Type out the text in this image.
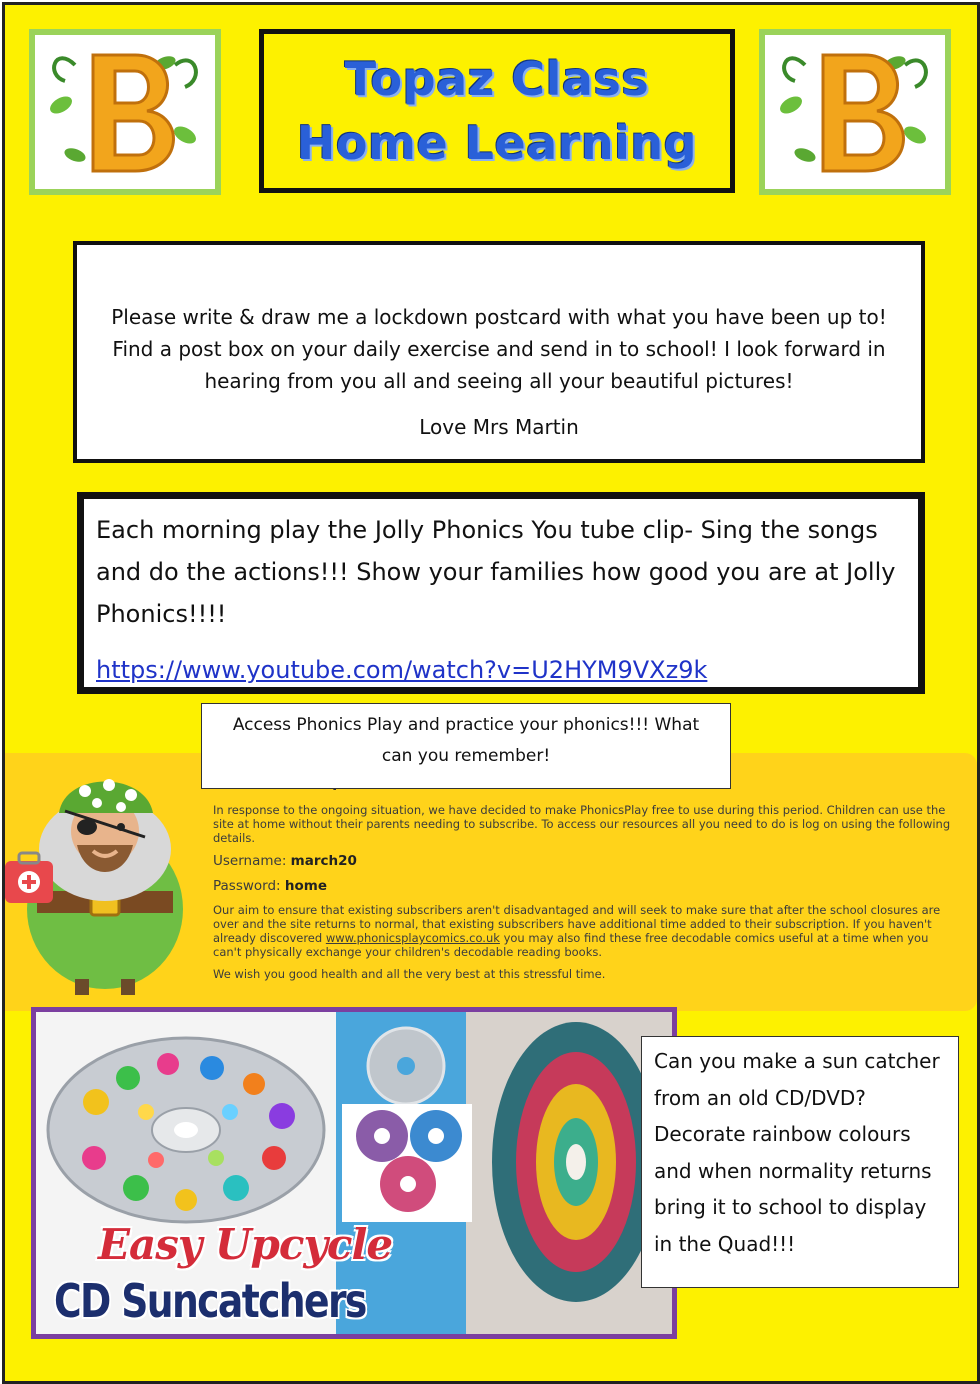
Topaz Class
Home Learning
Please write & draw me a lockdown postcard with what you have been up to! Find a post box on your daily exercise and send in to school! I look forward in hearing from you all and seeing all your beautiful pictures!
Love Mrs Martin
Each morning play the Jolly Phonics You tube clip- Sing the songs and do the actions!!! Show your families how good you are at Jolly Phonics!!!!
https://www.youtube.com/watch?v=U2HYM9VXz9k

In response to the ongoing situation, we have decided to make PhonicsPlay free to use during this period. Children can use the site at home without their parents needing to subscribe. To access our resources all you need to do is log on using the following details.

Username: march20
Password: home

Our aim to ensure that existing subscribers aren't disadvantaged and will seek to make sure that after the school closures are over and the site returns to normal, that existing subscribers have additional time added to their subscription. If you haven't already discovered www.phonicsplaycomics.co.uk you may also find these free decodable comics useful at a time when you can't physically exchange your children's decodable reading books.

We wish you good health and all the very best at this stressful time.

Access Phonics Play and practice your phonics!!! What can you remember!
Easy Upcycle
CD Suncatchers
Can you make a sun catcher from an old CD/DVD? Decorate rainbow colours and when normality returns bring it to school to display in the Quad!!!
